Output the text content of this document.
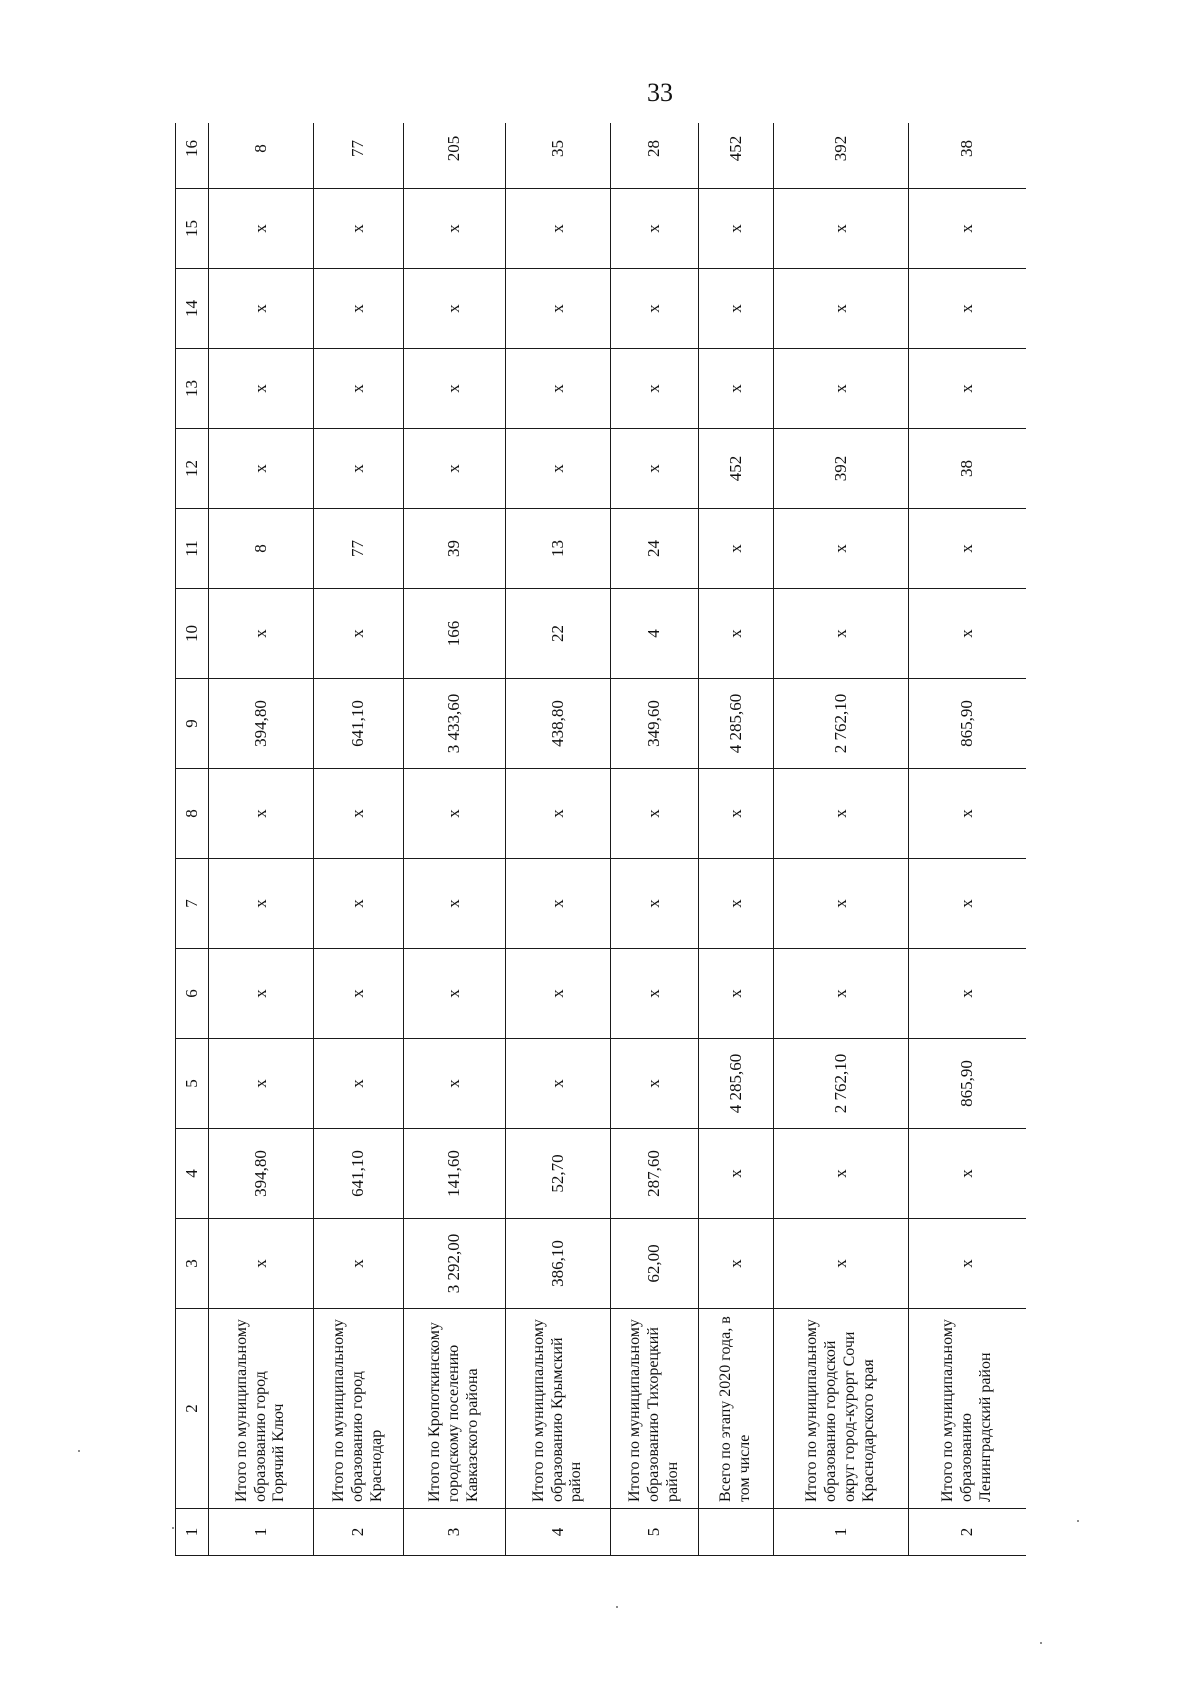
33
1	2	3	4	5	6	7	8	9	10	11	12	13	14	15	16
1	Итого по муниципальному образованию город Горячий Ключ	х	394,80	х	х	х	х	394,80	х	8	х	х	х	х	8
2	Итого по муниципальному образованию город Краснодар	х	641,10	х	х	х	х	641,10	х	77	х	х	х	х	77
3	Итого по Кропоткинскому городскому поселению Кавказского района	3 292,00	141,60	х	х	х	х	3 433,60	166	39	х	х	х	х	205
4	Итого по муниципальному образованию Крымский район	386,10	52,70	х	х	х	х	438,80	22	13	х	х	х	х	35
5	Итого по муниципальному образованию Тихорецкий район	62,00	287,60	х	х	х	х	349,60	4	24	х	х	х	х	28
	Всего по этапу 2020 года, в том числе	х	х	4 285,60	х	х	х	4 285,60	х	х	452	х	х	х	452
1	Итого по муниципальному образованию городской округ город-курорт Сочи Краснодарского края	х	х	2 762,10	х	х	х	2 762,10	х	х	392	х	х	х	392
2	Итого по муниципальному образованию Ленинградский район	х	х	865,90	х	х	х	865,90	х	х	38	х	х	х	38
